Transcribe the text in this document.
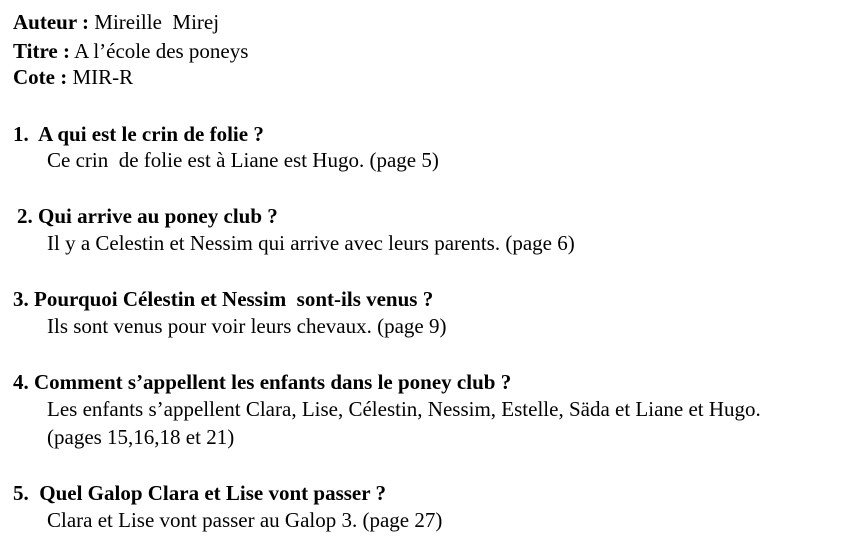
Auteur : Mireille  Mirej
Titre : A l’école des poneys
Cote : MIR-R
1. A qui est le crin de folie ?
Ce crin  de folie est à Liane est Hugo. (page 5)
2. Qui arrive au poney club ?
Il y a Celestin et Nessim qui arrive avec leurs parents. (page 6)
3. Pourquoi Célestin et Nessim  sont-ils venus ?
Ils sont venus pour voir leurs chevaux. (page 9)
4. Comment s’appellent les enfants dans le poney club ?
Les enfants s’appellent Clara, Lise, Célestin, Nessim, Estelle, Säda et Liane et Hugo.
(pages 15,16,18 et 21)
5. Quel Galop Clara et Lise vont passer ?
Clara et Lise vont passer au Galop 3. (page 27)
